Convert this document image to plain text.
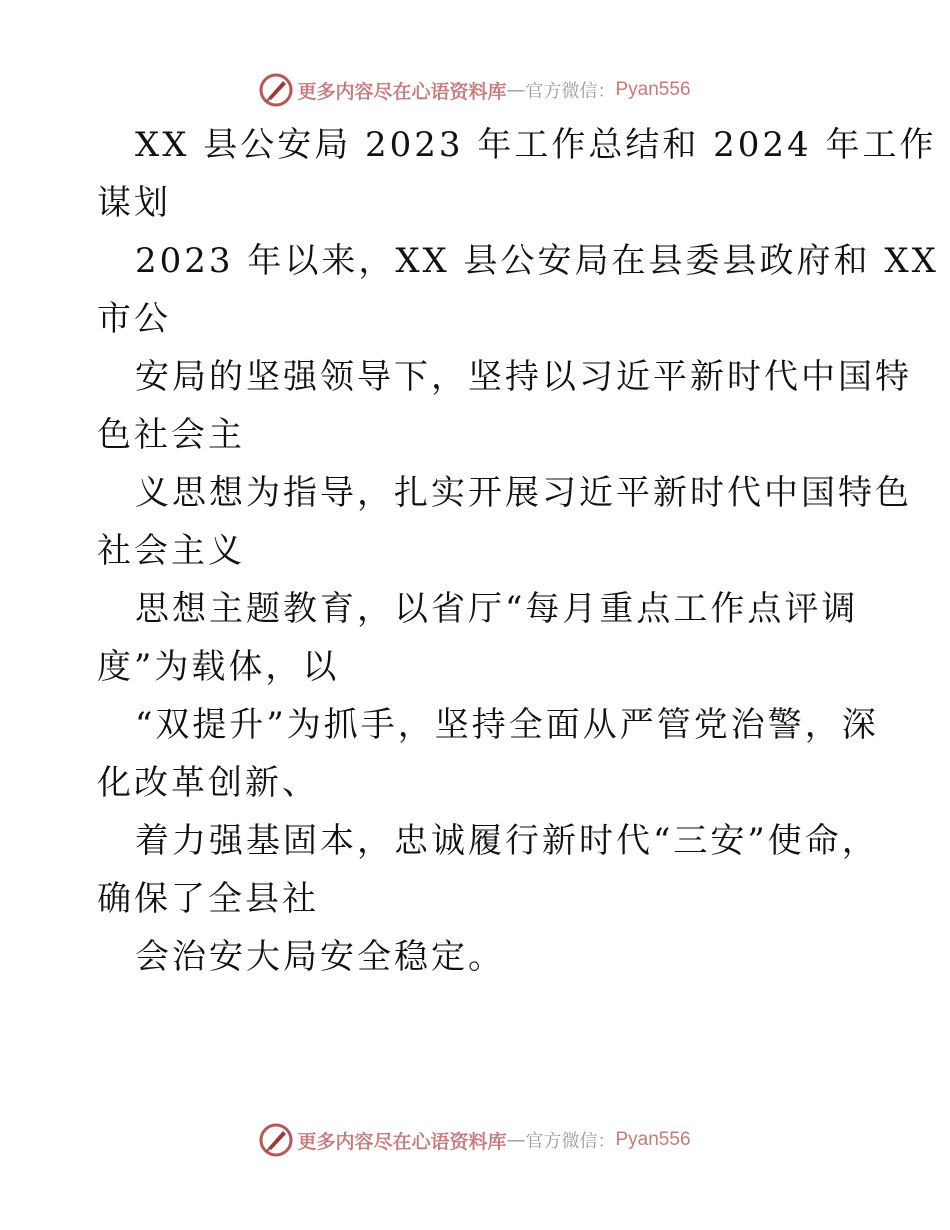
更多内容尽在心语资料库 — 官方微信： Pyan556
XX 县公安局 2023 年工作总结和 2024 年工作
谋划
2023 年以来，XX 县公安局在县委县政府和 XX
市公
安局的坚强领导下，坚持以习近平新时代中国特
色社会主
义思想为指导，扎实开展习近平新时代中国特色
社会主义
思想主题教育，以省厅“每月重点工作点评调
度”为载体，以
“双提升”为抓手，坚持全面从严管党治警，深
化改革创新、
着力强基固本，忠诚履行新时代“三安”使命，
确保了全县社
会治安大局安全稳定。
更多内容尽在心语资料库 — 官方微信： Pyan556
